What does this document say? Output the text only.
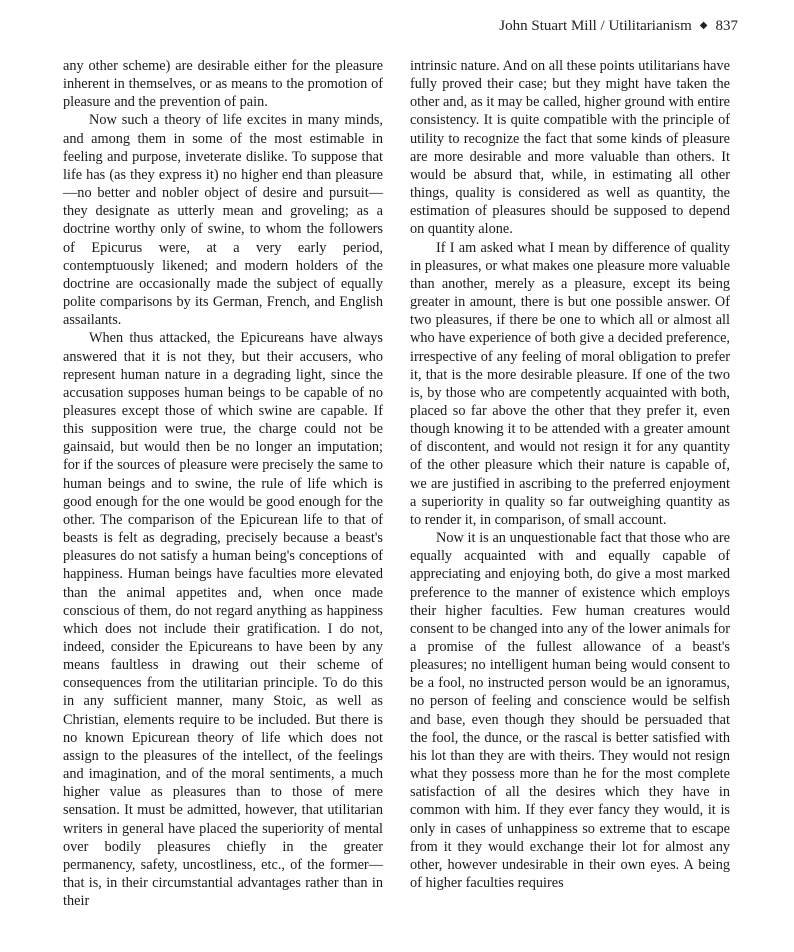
John Stuart Mill / Utilitarianism ◆ 837

any other scheme) are desirable either for the pleasure inherent in themselves, or as means to the promotion of pleasure and the prevention of pain.

Now such a theory of life excites in many minds, and among them in some of the most estimable in feeling and purpose, inveterate dislike. To suppose that life has (as they express it) no higher end than pleasure—no better and nobler object of desire and pursuit—they designate as utterly mean and groveling; as a doctrine worthy only of swine, to whom the followers of Epicurus were, at a very early period, contemptuously likened; and modern holders of the doctrine are occasionally made the subject of equally polite comparisons by its German, French, and English assailants.

When thus attacked, the Epicureans have always answered that it is not they, but their accusers, who represent human nature in a degrading light, since the accusation supposes human beings to be capable of no pleasures except those of which swine are capable. If this supposition were true, the charge could not be gainsaid, but would then be no longer an imputation; for if the sources of pleasure were precisely the same to human beings and to swine, the rule of life which is good enough for the one would be good enough for the other. The comparison of the Epicurean life to that of beasts is felt as degrading, precisely because a beast's pleasures do not satisfy a human being's conceptions of happiness. Human beings have faculties more elevated than the animal appetites and, when once made conscious of them, do not regard anything as happiness which does not include their gratification. I do not, indeed, consider the Epicureans to have been by any means faultless in drawing out their scheme of consequences from the utilitarian principle. To do this in any sufficient manner, many Stoic, as well as Christian, elements require to be included. But there is no known Epicurean theory of life which does not assign to the pleasures of the intellect, of the feelings and imagination, and of the moral sentiments, a much higher value as pleasures than to those of mere sensation. It must be admitted, however, that utilitarian writers in general have placed the superiority of mental over bodily pleasures chiefly in the greater permanency, safety, uncostliness, etc., of the former—that is, in their circumstantial advantages rather than in their

intrinsic nature. And on all these points utilitarians have fully proved their case; but they might have taken the other and, as it may be called, higher ground with entire consistency. It is quite compatible with the principle of utility to recognize the fact that some kinds of pleasure are more desirable and more valuable than others. It would be absurd that, while, in estimating all other things, quality is considered as well as quantity, the estimation of pleasures should be supposed to depend on quantity alone.

If I am asked what I mean by difference of quality in pleasures, or what makes one pleasure more valuable than another, merely as a pleasure, except its being greater in amount, there is but one possible answer. Of two pleasures, if there be one to which all or almost all who have experience of both give a decided preference, irrespective of any feeling of moral obligation to prefer it, that is the more desirable pleasure. If one of the two is, by those who are competently acquainted with both, placed so far above the other that they prefer it, even though knowing it to be attended with a greater amount of discontent, and would not resign it for any quantity of the other pleasure which their nature is capable of, we are justified in ascribing to the preferred enjoyment a superiority in quality so far outweighing quantity as to render it, in comparison, of small account.

Now it is an unquestionable fact that those who are equally acquainted with and equally capable of appreciating and enjoying both, do give a most marked preference to the manner of existence which employs their higher faculties. Few human creatures would consent to be changed into any of the lower animals for a promise of the fullest allowance of a beast's pleasures; no intelligent human being would consent to be a fool, no instructed person would be an ignoramus, no person of feeling and conscience would be selfish and base, even though they should be persuaded that the fool, the dunce, or the rascal is better satisfied with his lot than they are with theirs. They would not resign what they possess more than he for the most complete satisfaction of all the desires which they have in common with him. If they ever fancy they would, it is only in cases of unhappiness so extreme that to escape from it they would exchange their lot for almost any other, however undesirable in their own eyes. A being of higher faculties requires
